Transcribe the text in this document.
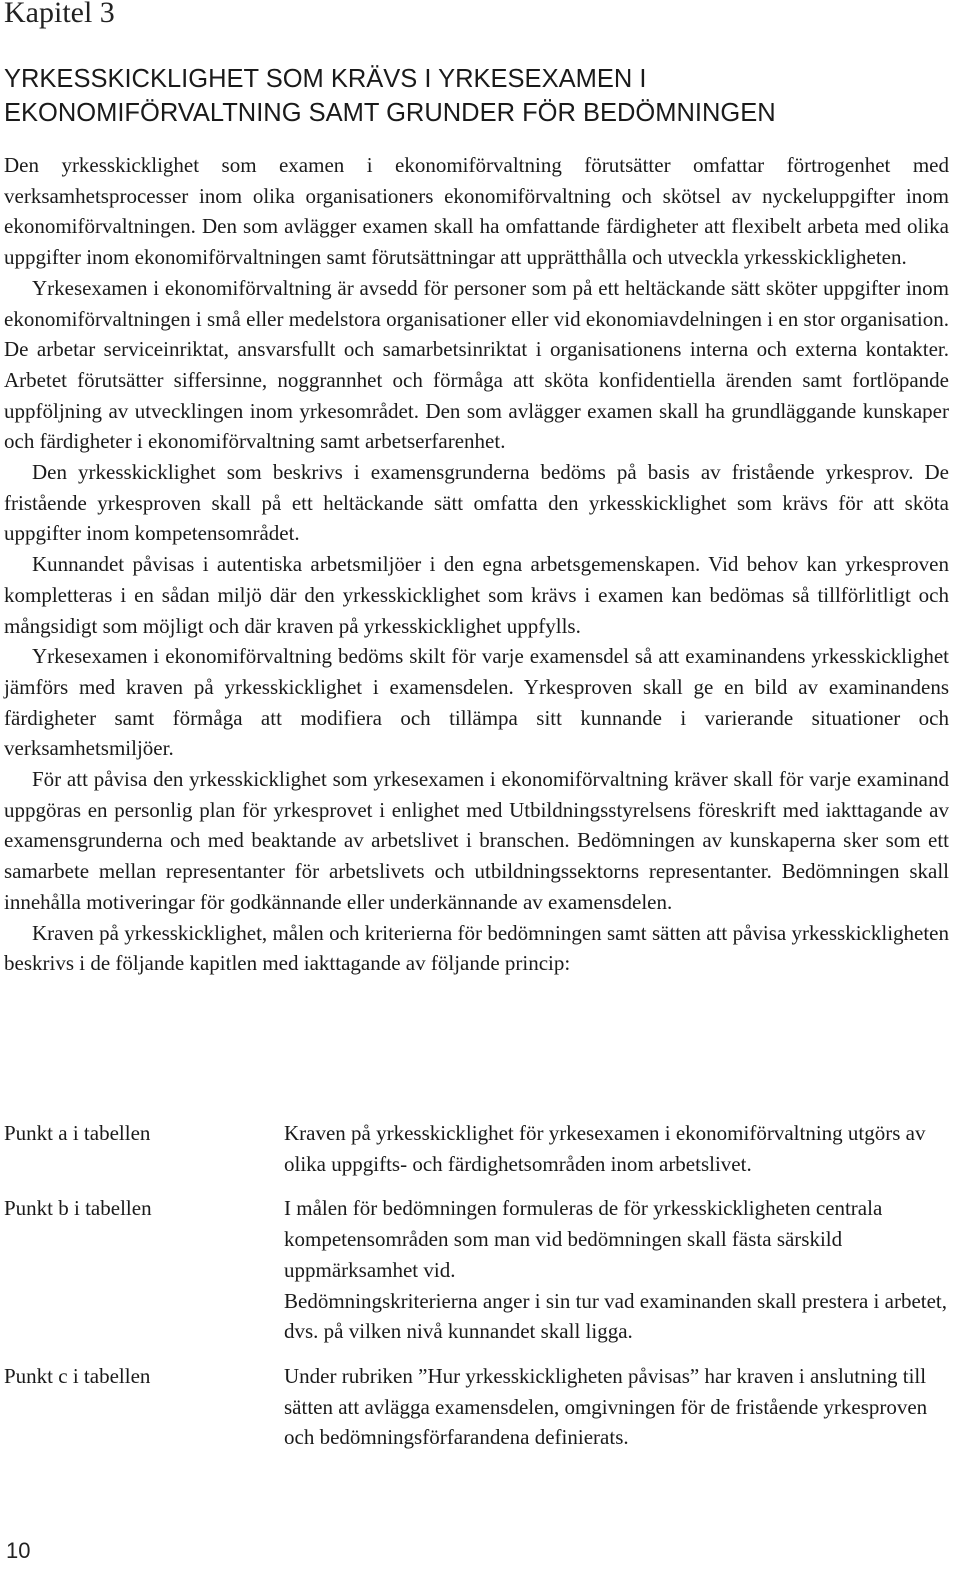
Kapitel 3
YRKESSKICKLIGHET SOM KRÄVS I YRKESEXAMEN I EKONOMIFÖRVALTNING SAMT GRUNDER FÖR BEDÖMNINGEN

Den yrkesskicklighet som examen i ekonomiförvaltning förutsätter omfattar förtrogenhet med verksamhetsprocesser inom olika organisationers ekonomiförvaltning och skötsel av nyckeluppgifter inom ekonomiförvaltningen. Den som avlägger examen skall ha omfattande färdigheter att flexibelt arbeta med olika uppgifter inom ekonomiförvaltningen samt förutsättningar att upprätthålla och utveckla yrkesskickligheten.

Yrkesexamen i ekonomiförvaltning är avsedd för personer som på ett heltäckande sätt sköter uppgifter inom ekonomiförvaltningen i små eller medelstora organisationer eller vid ekonomiavdelningen i en stor organisation. De arbetar serviceinriktat, ansvarsfullt och samarbetsinriktat i organisationens interna och externa kontakter. Arbetet förutsätter siffersinne, noggrannhet och förmåga att sköta konfidentiella ärenden samt fortlöpande uppföljning av utvecklingen inom yrkesområdet. Den som avlägger examen skall ha grundläggande kunskaper och färdigheter i ekonomiförvaltning samt arbetserfarenhet.

Den yrkesskicklighet som beskrivs i examensgrunderna bedöms på basis av fristående yrkesprov. De fristående yrkesproven skall på ett heltäckande sätt omfatta den yrkesskicklighet som krävs för att sköta uppgifter inom kompetensområdet.

Kunnandet påvisas i autentiska arbetsmiljöer i den egna arbetsgemenskapen. Vid behov kan yrkesproven kompletteras i en sådan miljö där den yrkesskicklighet som krävs i examen kan bedömas så tillförlitligt och mångsidigt som möjligt och där kraven på yrkesskicklighet uppfylls.

Yrkesexamen i ekonomiförvaltning bedöms skilt för varje examensdel så att examinandens yrkesskicklighet jämförs med kraven på yrkesskicklighet i examensdelen. Yrkesproven skall ge en bild av examinandens färdigheter samt förmåga att modifiera och tillämpa sitt kunnande i varierande situationer och verksamhetsmiljöer.

För att påvisa den yrkesskicklighet som yrkesexamen i ekonomiförvaltning kräver skall för varje examinand uppgöras en personlig plan för yrkesprovet i enlighet med Utbildningsstyrelsens föreskrift med iakttagande av examensgrunderna och med beaktande av arbetslivet i branschen. Bedömningen av kunskaperna sker som ett samarbete mellan representanter för arbetslivets och utbildningssektorns representanter. Bedömningen skall innehålla motiveringar för godkännande eller underkännande av examensdelen.

Kraven på yrkesskicklighet, målen och kriterierna för bedömningen samt sätten att påvisa yrkesskickligheten beskrivs i de följande kapitlen med iakttagande av följande princip:

Punkt a i tabellen	Kraven på yrkesskicklighet för yrkesexamen i ekonomiförvaltning utgörs av olika uppgifts- och färdighetsområden inom arbetslivet.
Punkt b i tabellen	I målen för bedömningen formuleras de för yrkesskickligheten centrala kompetensområden som man vid bedömningen skall fästa särskild uppmärksamhet vid.
Bedömningskriterierna anger i sin tur vad examinanden skall prestera i arbetet, dvs. på vilken nivå kunnandet skall ligga.
Punkt c i tabellen	Under rubriken ”Hur yrkesskickligheten påvisas” har kraven i anslutning till sätten att avlägga examensdelen, omgivningen för de fristående yrkesproven och bedömningsförfarandena definierats.
10
